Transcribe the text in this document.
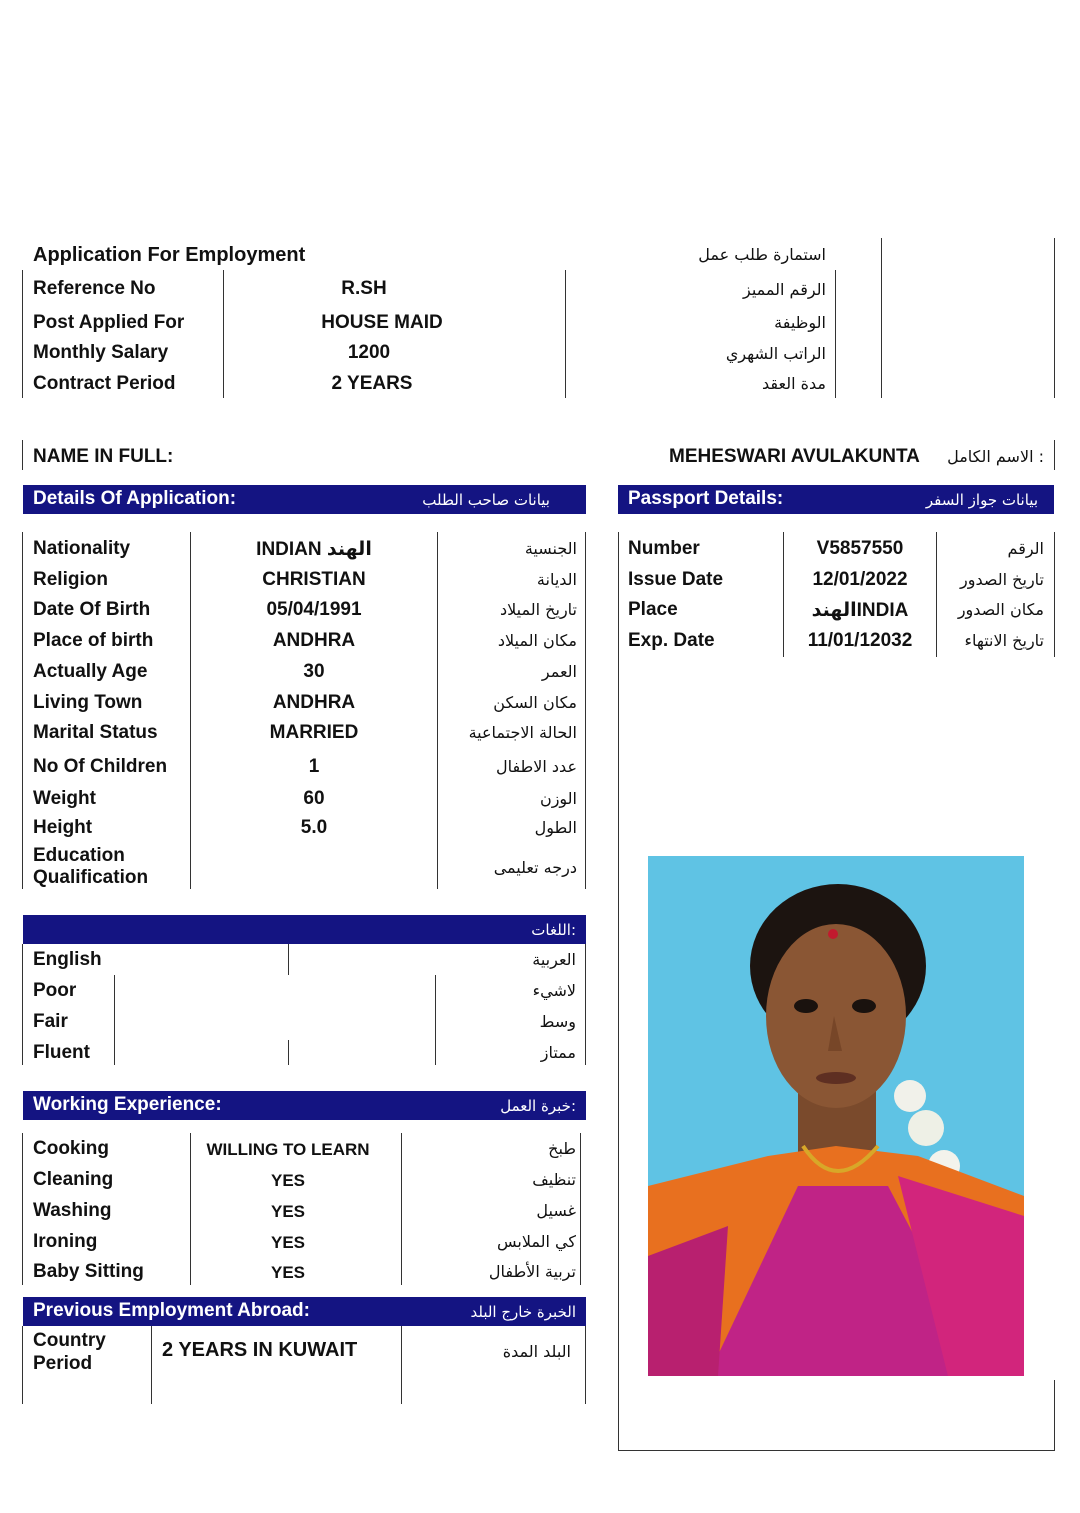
Application For Employment	استمارة طلب عمل
Reference No	R.SH	الرقم المميز
Post Applied For	HOUSE MAID	الوظيفة
Monthly Salary	1200	الراتب الشهري
Contract Period	2 YEARS	مدة العقد
NAME IN FULL:	MEHESWARI AVULAKUNTA : الاسم الكامل
Details Of Application:	بيانات صاحب الطلب	Passport Details:	بيانات جواز السفر
Nationality	INDIAN الهند	الجنسية
Religion	CHRISTIAN	الديانة
Date Of Birth	05/04/1991	تاريخ الميلاد
Place of birth	ANDHRA	مكان الميلاد
Actually Age	30	العمر
Living Town	ANDHRA	مكان السكن
Marital Status	MARRIED	الحالة الاجتماعية
No Of Children	1	عدد الاطفال
Weight	60	الوزن
Height	5.0	الطول
Education
Qualification	درجه تعليمى
Number	V5857550	الرقم
Issue Date	12/01/2022	تاريخ الصدور
Place	الهندINDIA	مكان الصدور
Exp. Date	11/01/12032	تاريخ الانتهاء
اللغات:
English	العربية
Poor	لاشيء
Fair	وسط
Fluent	ممتاز
Working Experience:	خبرة العمل:
Cooking	WILLING TO LEARN	طبخ
Cleaning	YES	تنظيف
Washing	YES	غسيل
Ironing	YES	كي الملابس
Baby Sitting	YES	تربية الأطفال
Previous Employment Abroad:	الخبرة خارج البلد
Country
Period
2 YEARS IN KUWAIT	البلد المدة
